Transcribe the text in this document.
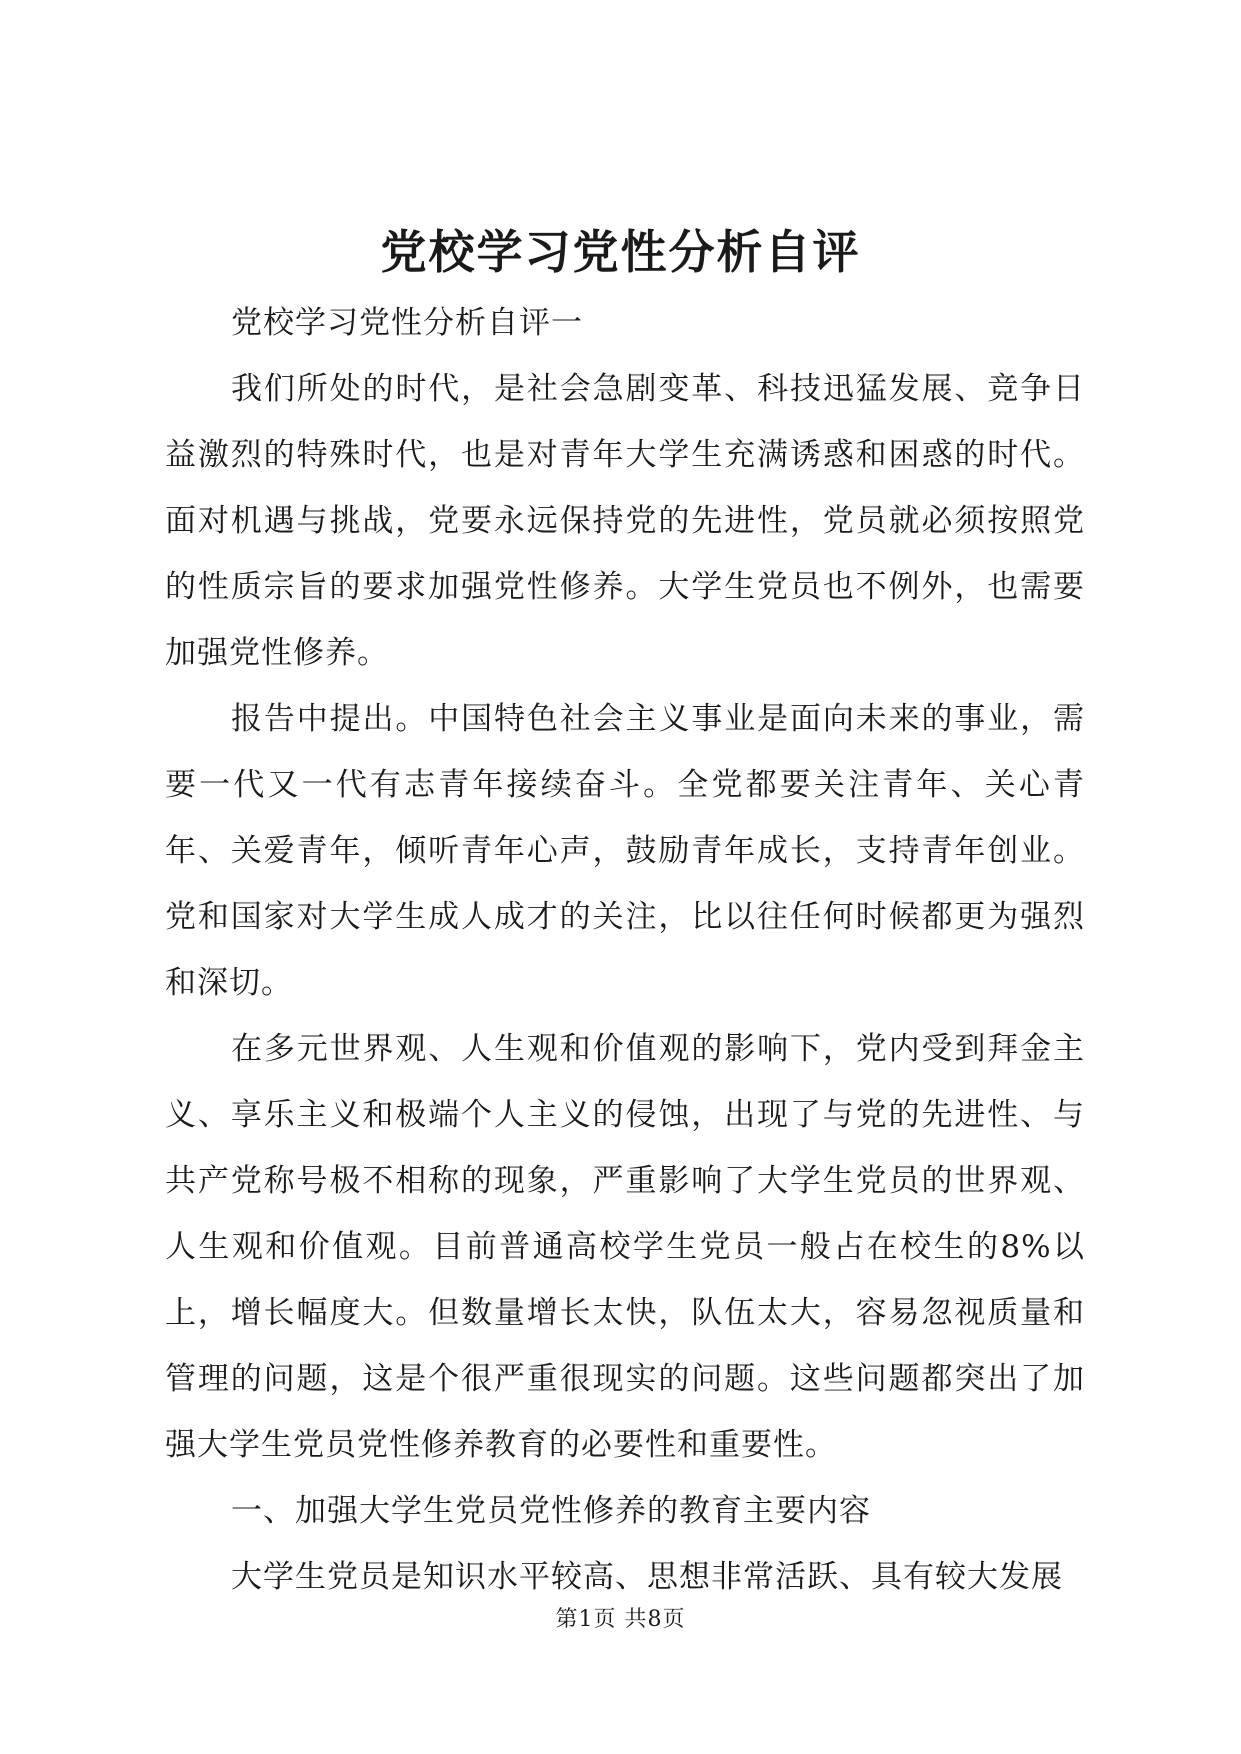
党校学习党性分析自评

党校学习党性分析自评一

我们所处的时代，是社会急剧变革、科技迅猛发展、竞争日益激烈的特殊时代，也是对青年大学生充满诱惑和困惑的时代。面对机遇与挑战，党要永远保持党的先进性，党员就必须按照党的性质宗旨的要求加强党性修养。大学生党员也不例外，也需要加强党性修养。

报告中提出。中国特色社会主义事业是面向未来的事业，需要一代又一代有志青年接续奋斗。全党都要关注青年、关心青年、关爱青年，倾听青年心声，鼓励青年成长，支持青年创业。党和国家对大学生成人成才的关注，比以往任何时候都更为强烈和深切。

在多元世界观、人生观和价值观的影响下，党内受到拜金主义、享乐主义和极端个人主义的侵蚀，出现了与党的先进性、与共产党称号极不相称的现象，严重影响了大学生党员的世界观、人生观和价值观。目前普通高校学生党员一般占在校生的8%以上，增长幅度大。但数量增长太快，队伍太大，容易忽视质量和管理的问题，这是个很严重很现实的问题。这些问题都突出了加强大学生党员党性修养教育的必要性和重要性。

一、加强大学生党员党性修养的教育主要内容

大学生党员是知识水平较高、思想非常活跃、具有较大发展

第1页 共8页
